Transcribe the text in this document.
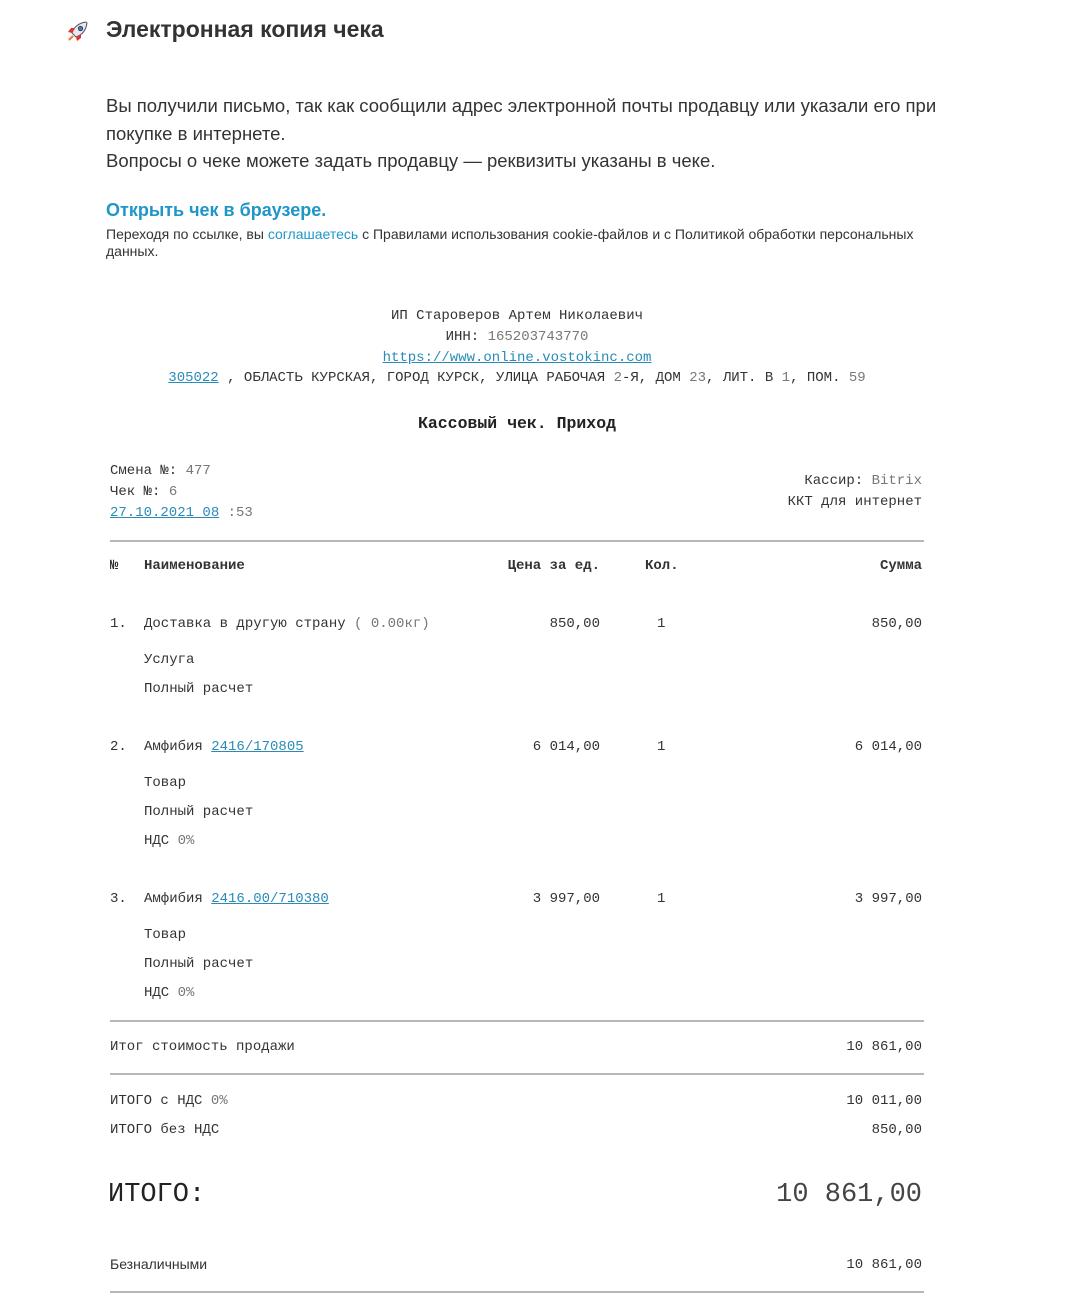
Электронная копия чека

Вы получили письмо, так как сообщили адрес электронной почты продавцу или указали его при покупке в интернете.

Вопросы о чеке можете задать продавцу — реквизиты указаны в чеке.

Открыть чек в браузере.
Переходя по ссылке, вы соглашаетесь с Правилами использования cookie-файлов и с Политикой обработки персональных данных.
ИП Староверов Артем Николаевич
ИНН: 165203743770
https://www.online.vostokinc.com
305022 , ОБЛАСТЬ КУРСКАЯ, ГОРОД КУРСК, УЛИЦА РАБОЧАЯ 2-Я, ДОМ 23, ЛИТ. В 1, ПОМ. 59
Кассовый чек. Приход
Смена №: 477
Чек №: 6
27.10.2021 08 :53
Кассир: Bitrix
ККТ для интернет
№ Наименование	Цена за ед.	Кол.	Сумма
1. Доставка в другую страну ( 0.00кг)	850,00	1	850,00
Услуга
Полный расчет
2. Амфибия 2416/170805	6 014,00	1	6 014,00
Товар
Полный расчет
НДС 0%
3. Амфибия 2416.00/710380	3 997,00	1	3 997,00
Товар
Полный расчет
НДС 0%
Итог стоимость продажи	10 861,00
ИТОГО с НДС 0%	10 011,00
ИТОГО без НДС	850,00
ИТОГО:	10 861,00
Безналичными	10 861,00
